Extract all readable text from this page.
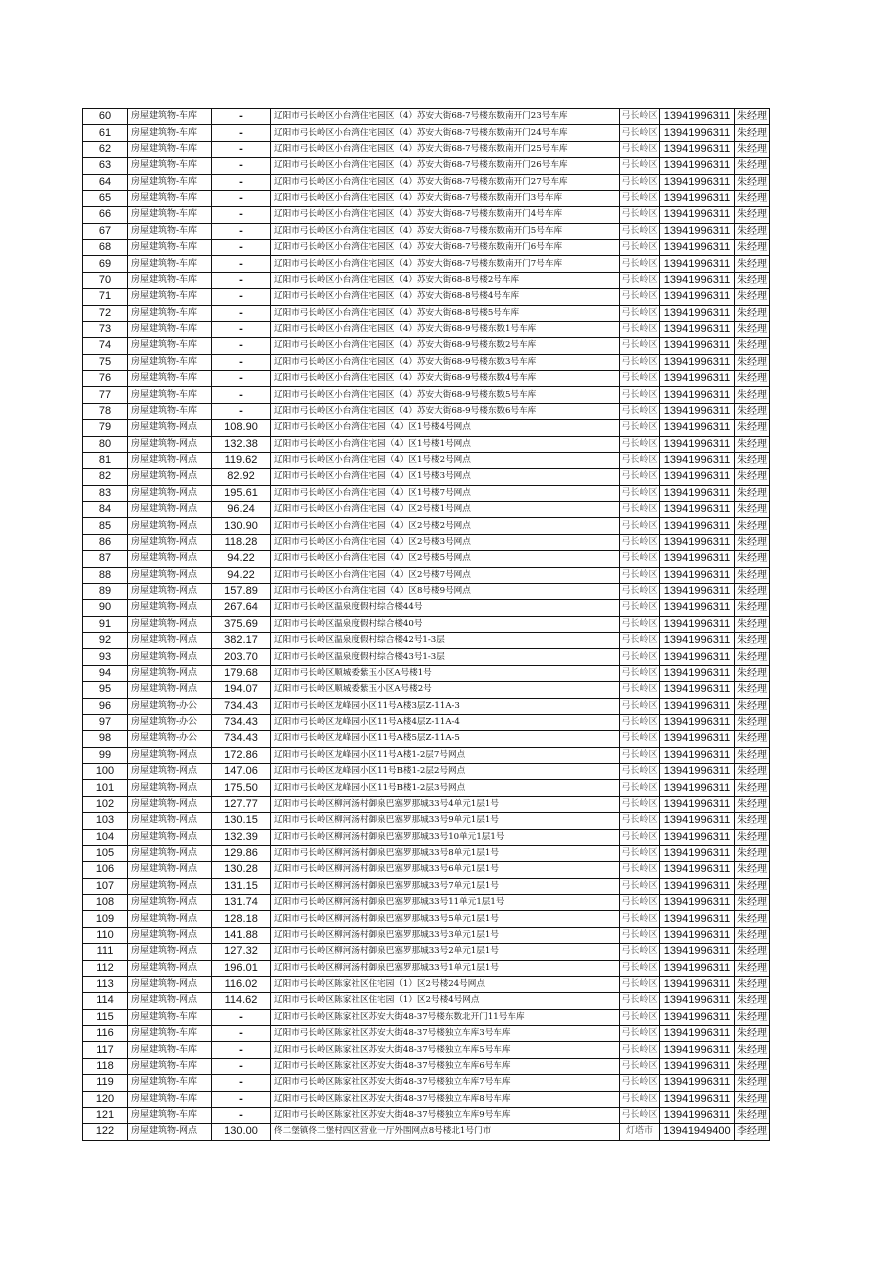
60	房屋建筑物-车库	-	辽阳市弓长岭区小台湾住宅园区（4）苏安大街68-7号楼东数南开门23号车库	弓长岭区	13941996311	朱经理
61	房屋建筑物-车库	-	辽阳市弓长岭区小台湾住宅园区（4）苏安大街68-7号楼东数南开门24号车库	弓长岭区	13941996311	朱经理
62	房屋建筑物-车库	-	辽阳市弓长岭区小台湾住宅园区（4）苏安大街68-7号楼东数南开门25号车库	弓长岭区	13941996311	朱经理
63	房屋建筑物-车库	-	辽阳市弓长岭区小台湾住宅园区（4）苏安大街68-7号楼东数南开门26号车库	弓长岭区	13941996311	朱经理
64	房屋建筑物-车库	-	辽阳市弓长岭区小台湾住宅园区（4）苏安大街68-7号楼东数南开门27号车库	弓长岭区	13941996311	朱经理
65	房屋建筑物-车库	-	辽阳市弓长岭区小台湾住宅园区（4）苏安大街68-7号楼东数南开门3号车库	弓长岭区	13941996311	朱经理
66	房屋建筑物-车库	-	辽阳市弓长岭区小台湾住宅园区（4）苏安大街68-7号楼东数南开门4号车库	弓长岭区	13941996311	朱经理
67	房屋建筑物-车库	-	辽阳市弓长岭区小台湾住宅园区（4）苏安大街68-7号楼东数南开门5号车库	弓长岭区	13941996311	朱经理
68	房屋建筑物-车库	-	辽阳市弓长岭区小台湾住宅园区（4）苏安大街68-7号楼东数南开门6号车库	弓长岭区	13941996311	朱经理
69	房屋建筑物-车库	-	辽阳市弓长岭区小台湾住宅园区（4）苏安大街68-7号楼东数南开门7号车库	弓长岭区	13941996311	朱经理
70	房屋建筑物-车库	-	辽阳市弓长岭区小台湾住宅园区（4）苏安大街68-8号楼2号车库	弓长岭区	13941996311	朱经理
71	房屋建筑物-车库	-	辽阳市弓长岭区小台湾住宅园区（4）苏安大街68-8号楼4号车库	弓长岭区	13941996311	朱经理
72	房屋建筑物-车库	-	辽阳市弓长岭区小台湾住宅园区（4）苏安大街68-8号楼5号车库	弓长岭区	13941996311	朱经理
73	房屋建筑物-车库	-	辽阳市弓长岭区小台湾住宅园区（4）苏安大街68-9号楼东数1号车库	弓长岭区	13941996311	朱经理
74	房屋建筑物-车库	-	辽阳市弓长岭区小台湾住宅园区（4）苏安大街68-9号楼东数2号车库	弓长岭区	13941996311	朱经理
75	房屋建筑物-车库	-	辽阳市弓长岭区小台湾住宅园区（4）苏安大街68-9号楼东数3号车库	弓长岭区	13941996311	朱经理
76	房屋建筑物-车库	-	辽阳市弓长岭区小台湾住宅园区（4）苏安大街68-9号楼东数4号车库	弓长岭区	13941996311	朱经理
77	房屋建筑物-车库	-	辽阳市弓长岭区小台湾住宅园区（4）苏安大街68-9号楼东数5号车库	弓长岭区	13941996311	朱经理
78	房屋建筑物-车库	-	辽阳市弓长岭区小台湾住宅园区（4）苏安大街68-9号楼东数6号车库	弓长岭区	13941996311	朱经理
79	房屋建筑物-网点	108.90	辽阳市弓长岭区小台湾住宅园（4）区1号楼4号网点	弓长岭区	13941996311	朱经理
80	房屋建筑物-网点	132.38	辽阳市弓长岭区小台湾住宅园（4）区1号楼1号网点	弓长岭区	13941996311	朱经理
81	房屋建筑物-网点	119.62	辽阳市弓长岭区小台湾住宅园（4）区1号楼2号网点	弓长岭区	13941996311	朱经理
82	房屋建筑物-网点	82.92	辽阳市弓长岭区小台湾住宅园（4）区1号楼3号网点	弓长岭区	13941996311	朱经理
83	房屋建筑物-网点	195.61	辽阳市弓长岭区小台湾住宅园（4）区1号楼7号网点	弓长岭区	13941996311	朱经理
84	房屋建筑物-网点	96.24	辽阳市弓长岭区小台湾住宅园（4）区2号楼1号网点	弓长岭区	13941996311	朱经理
85	房屋建筑物-网点	130.90	辽阳市弓长岭区小台湾住宅园（4）区2号楼2号网点	弓长岭区	13941996311	朱经理
86	房屋建筑物-网点	118.28	辽阳市弓长岭区小台湾住宅园（4）区2号楼3号网点	弓长岭区	13941996311	朱经理
87	房屋建筑物-网点	94.22	辽阳市弓长岭区小台湾住宅园（4）区2号楼5号网点	弓长岭区	13941996311	朱经理
88	房屋建筑物-网点	94.22	辽阳市弓长岭区小台湾住宅园（4）区2号楼7号网点	弓长岭区	13941996311	朱经理
89	房屋建筑物-网点	157.89	辽阳市弓长岭区小台湾住宅园（4）区8号楼9号网点	弓长岭区	13941996311	朱经理
90	房屋建筑物-网点	267.64	辽阳市弓长岭区温泉度假村综合楼44号	弓长岭区	13941996311	朱经理
91	房屋建筑物-网点	375.69	辽阳市弓长岭区温泉度假村综合楼40号	弓长岭区	13941996311	朱经理
92	房屋建筑物-网点	382.17	辽阳市弓长岭区温泉度假村综合楼42号1-3层	弓长岭区	13941996311	朱经理
93	房屋建筑物-网点	203.70	辽阳市弓长岭区温泉度假村综合楼43号1-3层	弓长岭区	13941996311	朱经理
94	房屋建筑物-网点	179.68	辽阳市弓长岭区顺城委紫玉小区A号楼1号	弓长岭区	13941996311	朱经理
95	房屋建筑物-网点	194.07	辽阳市弓长岭区顺城委紫玉小区A号楼2号	弓长岭区	13941996311	朱经理
96	房屋建筑物-办公	734.43	辽阳市弓长岭区龙峰园小区11号A楼3层Z-11A-3	弓长岭区	13941996311	朱经理
97	房屋建筑物-办公	734.43	辽阳市弓长岭区龙峰园小区11号A楼4层Z-11A-4	弓长岭区	13941996311	朱经理
98	房屋建筑物-办公	734.43	辽阳市弓长岭区龙峰园小区11号A楼5层Z-11A-5	弓长岭区	13941996311	朱经理
99	房屋建筑物-网点	172.86	辽阳市弓长岭区龙峰园小区11号A楼1-2层7号网点	弓长岭区	13941996311	朱经理
100	房屋建筑物-网点	147.06	辽阳市弓长岭区龙峰园小区11号B楼1-2层2号网点	弓长岭区	13941996311	朱经理
101	房屋建筑物-网点	175.50	辽阳市弓长岭区龙峰园小区11号B楼1-2层3号网点	弓长岭区	13941996311	朱经理
102	房屋建筑物-网点	127.77	辽阳市弓长岭区柳河汤村御泉巴塞罗那城33号4单元1层1号	弓长岭区	13941996311	朱经理
103	房屋建筑物-网点	130.15	辽阳市弓长岭区柳河汤村御泉巴塞罗那城33号9单元1层1号	弓长岭区	13941996311	朱经理
104	房屋建筑物-网点	132.39	辽阳市弓长岭区柳河汤村御泉巴塞罗那城33号10单元1层1号	弓长岭区	13941996311	朱经理
105	房屋建筑物-网点	129.86	辽阳市弓长岭区柳河汤村御泉巴塞罗那城33号8单元1层1号	弓长岭区	13941996311	朱经理
106	房屋建筑物-网点	130.28	辽阳市弓长岭区柳河汤村御泉巴塞罗那城33号6单元1层1号	弓长岭区	13941996311	朱经理
107	房屋建筑物-网点	131.15	辽阳市弓长岭区柳河汤村御泉巴塞罗那城33号7单元1层1号	弓长岭区	13941996311	朱经理
108	房屋建筑物-网点	131.74	辽阳市弓长岭区柳河汤村御泉巴塞罗那城33号11单元1层1号	弓长岭区	13941996311	朱经理
109	房屋建筑物-网点	128.18	辽阳市弓长岭区柳河汤村御泉巴塞罗那城33号5单元1层1号	弓长岭区	13941996311	朱经理
110	房屋建筑物-网点	141.88	辽阳市弓长岭区柳河汤村御泉巴塞罗那城33号3单元1层1号	弓长岭区	13941996311	朱经理
111	房屋建筑物-网点	127.32	辽阳市弓长岭区柳河汤村御泉巴塞罗那城33号2单元1层1号	弓长岭区	13941996311	朱经理
112	房屋建筑物-网点	196.01	辽阳市弓长岭区柳河汤村御泉巴塞罗那城33号1单元1层1号	弓长岭区	13941996311	朱经理
113	房屋建筑物-网点	116.02	辽阳市弓长岭区陈家社区住宅园（1）区2号楼24号网点	弓长岭区	13941996311	朱经理
114	房屋建筑物-网点	114.62	辽阳市弓长岭区陈家社区住宅园（1）区2号楼4号网点	弓长岭区	13941996311	朱经理
115	房屋建筑物-车库	-	辽阳市弓长岭区陈家社区苏安大街48-37号楼东数北开门11号车库	弓长岭区	13941996311	朱经理
116	房屋建筑物-车库	-	辽阳市弓长岭区陈家社区苏安大街48-37号楼独立车库3号车库	弓长岭区	13941996311	朱经理
117	房屋建筑物-车库	-	辽阳市弓长岭区陈家社区苏安大街48-37号楼独立车库5号车库	弓长岭区	13941996311	朱经理
118	房屋建筑物-车库	-	辽阳市弓长岭区陈家社区苏安大街48-37号楼独立车库6号车库	弓长岭区	13941996311	朱经理
119	房屋建筑物-车库	-	辽阳市弓长岭区陈家社区苏安大街48-37号楼独立车库7号车库	弓长岭区	13941996311	朱经理
120	房屋建筑物-车库	-	辽阳市弓长岭区陈家社区苏安大街48-37号楼独立车库8号车库	弓长岭区	13941996311	朱经理
121	房屋建筑物-车库	-	辽阳市弓长岭区陈家社区苏安大街48-37号楼独立车库9号车库	弓长岭区	13941996311	朱经理
122	房屋建筑物-网点	130.00	佟二堡镇佟二堡村四区营业一厅外围网点8号楼北1号门市	灯塔市	13941949400	李经理
